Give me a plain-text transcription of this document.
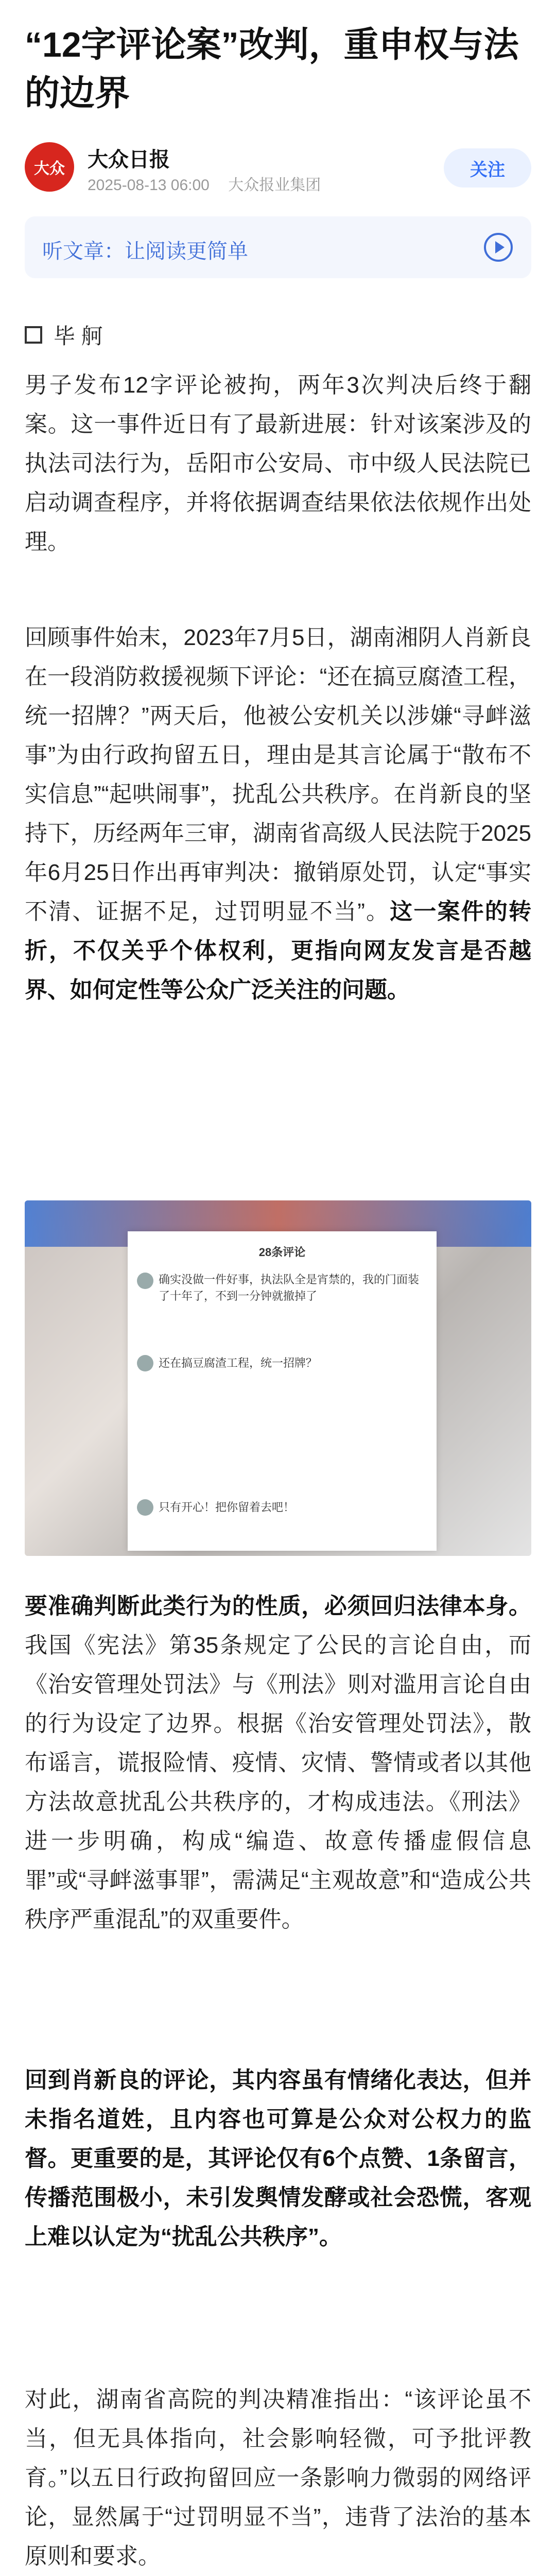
“12字评论案”改判，重申权与法的边界
大众	大众日报
2025-08-13 06:00 大众报业集团
关注
听文章：让阅读更简单
毕 舸

男子发布12字评论被拘，两年3次判决后终于翻案。这一事件近日有了最新进展：针对该案涉及的执法司法行为，岳阳市公安局、市中级人民法院已启动调查程序，并将依据调查结果依法依规作出处理。

回顾事件始末，2023年7月5日，湖南湘阴人肖新良在一段消防救援视频下评论：“还在搞豆腐渣工程，统一招牌？”两天后，他被公安机关以涉嫌“寻衅滋事”为由行政拘留五日，理由是其言论属于“散布不实信息”“起哄闹事”，扰乱公共秩序。在肖新良的坚持下，历经两年三审，湖南省高级人民法院于2025年6月25日作出再审判决：撤销原处罚，认定“事实不清、证据不足，过罚明显不当”。这一案件的转折，不仅关乎个体权利，更指向网友发言是否越界、如何定性等公众广泛关注的问题。

28条评论
确实没做一件好事，执法队全是宵禁的，我的门面装了十年了，不到一分钟就撤掉了
还在搞豆腐渣工程，统一招牌？
只有开心！把你留着去吧！

要准确判断此类行为的性质，必须回归法律本身。我国《宪法》第35条规定了公民的言论自由，而《治安管理处罚法》与《刑法》则对滥用言论自由的行为设定了边界。根据《治安管理处罚法》，散布谣言，谎报险情、疫情、灾情、警情或者以其他方法故意扰乱公共秩序的，才构成违法。《刑法》进一步明确，构成“编造、故意传播虚假信息罪”或“寻衅滋事罪”，需满足“主观故意”和“造成公共秩序严重混乱”的双重要件。

回到肖新良的评论，其内容虽有情绪化表达，但并未指名道姓，且内容也可算是公众对公权力的监督。更重要的是，其评论仅有6个点赞、1条留言，传播范围极小，未引发舆情发酵或社会恐慌，客观上难以认定为“扰乱公共秩序”。

对此，湖南省高院的判决精准指出：“该评论虽不当，但无具体指向，社会影响轻微，可予批评教育。”以五日行政拘留回应一条影响力微弱的网络评论，显然属于“过罚明显不当”，违背了法治的基本原则和要求。
